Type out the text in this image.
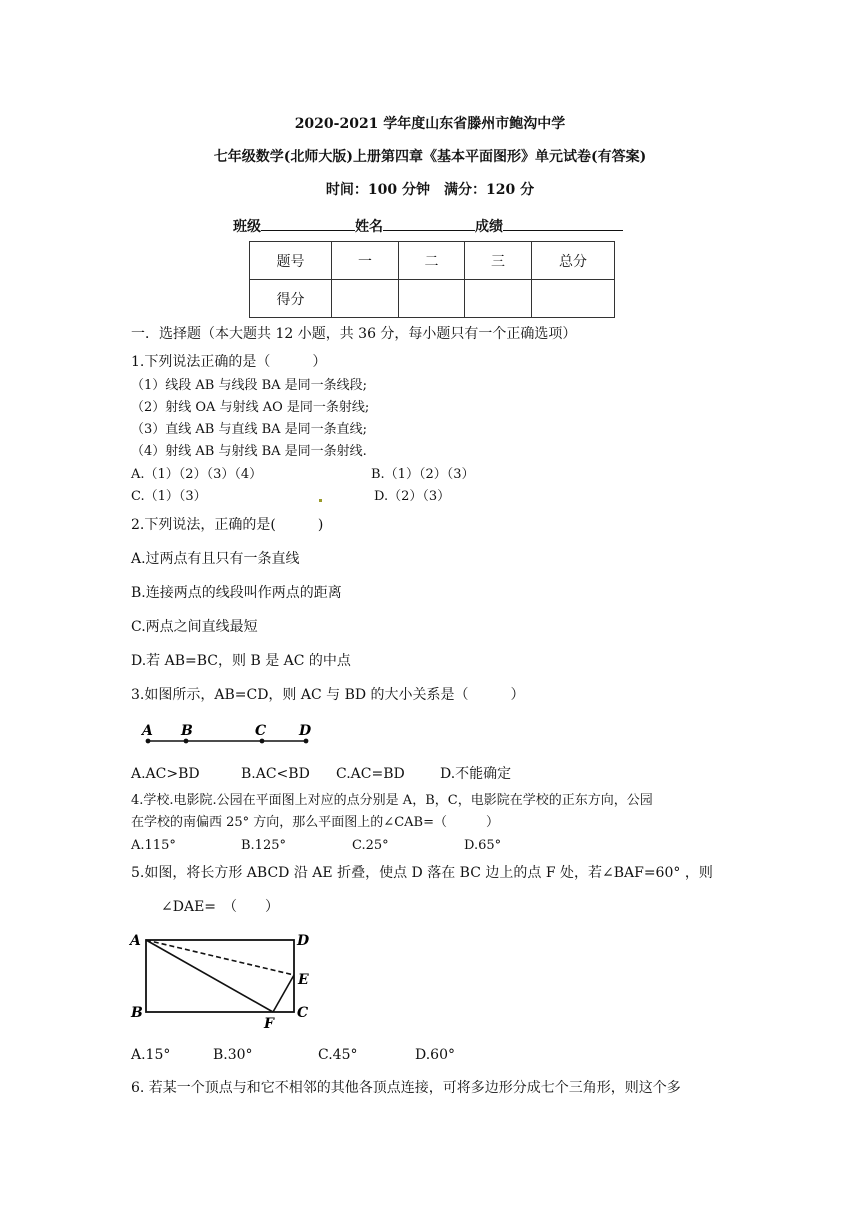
2020-2021 学年度山东省滕州市鲍沟中学
七年级数学(北师大版)上册第四章《基本平面图形》单元试卷(有答案)
时间：100 分钟　满分：120 分
班级	姓名	成绩
题号	一	二	三	总分
得分				
一．选择题（本大题共 12 小题，共 36 分，每小题只有一个正确选项）
1.下列说法正确的是（　　　）
（1）线段 AB 与线段 BA 是同一条线段;
（2）射线 OA 与射线 AO 是同一条射线;
（3）直线 AB 与直线 BA 是同一条直线;
（4）射线 AB 与射线 BA 是同一条射线.
A.（1）（2）（3）（4）	B.（1）（2）（3）
C.（1）（3）	D.（2）（3）
2.下列说法，正确的是(　　　)
A.过两点有且只有一条直线
B.连接两点的线段叫作两点的距离
C.两点之间直线最短
D.若 AB=BC，则 B 是 AC 的中点
3.如图所示，AB=CD，则 AC 与 BD 的大小关系是（　　　）
A B	C D
A.AC>BD	B.AC<BD C.AC=BD	D.不能确定
4.学校.电影院.公园在平面图上对应的点分别是 A，B，C，电影院在学校的正东方向，公园
在学校的南偏西 25° 方向，那么平面图上的∠CAB=（　　　）
A.115°	B.125°	C.25°	D.65°
5.如图，将长方形 ABCD 沿 AE 折叠，使点 D 落在 BC 边上的点 F 处，若∠BAF=60° ，则
∠DAE=　（　　）
A	D
E
B
F
C
A.15°	B.30°	C.45°	D.60°
6. 若某一个顶点与和它不相邻的其他各顶点连接，可将多边形分成七个三角形，则这个多
